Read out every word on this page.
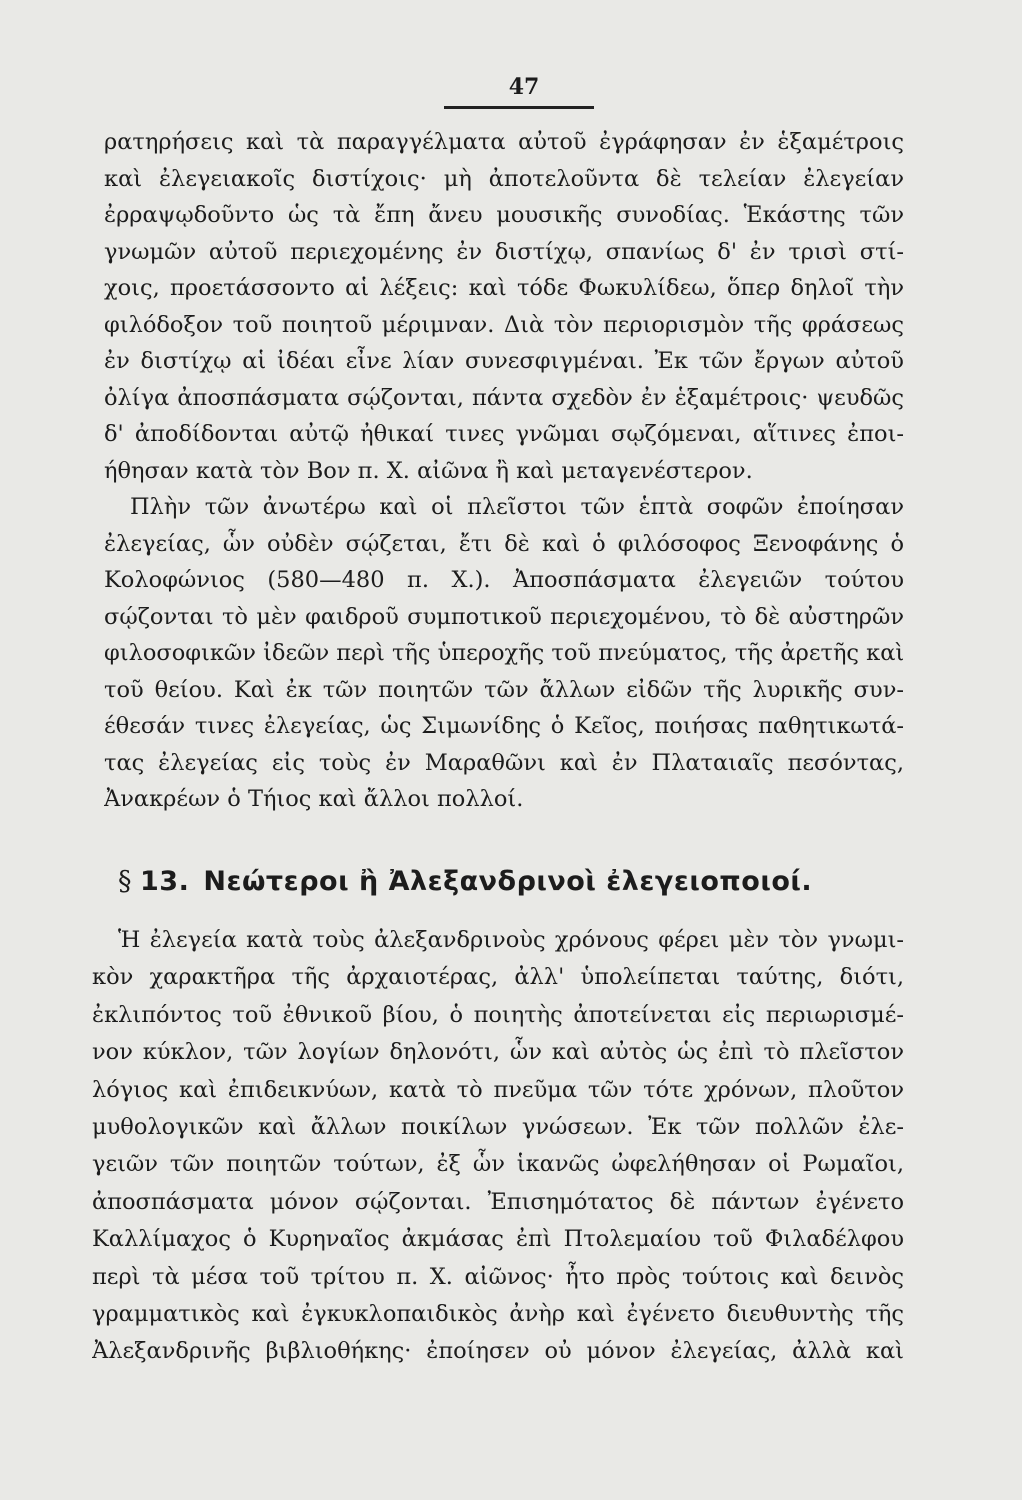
47
ρατηρήσεις καὶ τὰ παραγγέλματα αὐτοῦ ἐγράφησαν ἐν ἑξαμέτροις
καὶ ἐλεγειακοῖς διστίχοις· μὴ ἀποτελοῦντα δὲ τελείαν ἐλεγείαν
ἐρραψῳδοῦντο ὡς τὰ ἔπη ἄνευ μουσικῆς συνοδίας. Ἑκάστης τῶν
γνωμῶν αὐτοῦ περιεχομένης ἐν διστίχῳ, σπανίως δ' ἐν τρισὶ στί-
χοις, προετάσσοντο αἱ λέξεις: καὶ τόδε Φωκυλίδεω, ὅπερ δηλοῖ τὴν
φιλόδοξον τοῦ ποιητοῦ μέριμναν. Διὰ τὸν περιορισμὸν τῆς φράσεως
ἐν διστίχῳ αἱ ἰδέαι εἶνε λίαν συνεσφιγμέναι. Ἐκ τῶν ἔργων αὐτοῦ
ὀλίγα ἀποσπάσματα σῴζονται, πάντα σχεδὸν ἐν ἑξαμέτροις· ψευδῶς
δ' ἀποδίδονται αὐτῷ ἠθικαί τινες γνῶμαι σῳζόμεναι, αἵτινες ἐποι-
ήθησαν κατὰ τὸν Βον π. Χ. αἰῶνα ἢ καὶ μεταγενέστερον.
Πλὴν τῶν ἀνωτέρω καὶ οἱ πλεῖστοι τῶν ἑπτὰ σοφῶν ἐποίησαν
ἐλεγείας, ὧν οὐδὲν σῴζεται, ἔτι δὲ καὶ ὁ φιλόσοφος Ξενοφάνης ὁ
Κολοφώνιος (580—480 π. Χ.). Ἀποσπάσματα ἐλεγειῶν τούτου
σῴζονται τὸ μὲν φαιδροῦ συμποτικοῦ περιεχομένου, τὸ δὲ αὐστηρῶν
φιλοσοφικῶν ἰδεῶν περὶ τῆς ὑπεροχῆς τοῦ πνεύματος, τῆς ἀρετῆς καὶ
τοῦ θείου. Καὶ ἐκ τῶν ποιητῶν τῶν ἄλλων εἰδῶν τῆς λυρικῆς συν-
έθεσάν τινες ἐλεγείας, ὡς Σιμωνίδης ὁ Κεῖος, ποιήσας παθητικωτά-
τας ἐλεγείας εἰς τοὺς ἐν Μαραθῶνι καὶ ἐν Πλαταιαῖς πεσόντας,
Ἀνακρέων ὁ Τήιος καὶ ἄλλοι πολλοί.
§ 13. Νεώτεροι ἢ Ἀλεξανδρινοὶ ἐλεγειοποιοί.
Ἡ ἐλεγεία κατὰ τοὺς ἀλεξανδρινοὺς χρόνους φέρει μὲν τὸν γνωμι-
κὸν χαρακτῆρα τῆς ἀρχαιοτέρας, ἀλλ' ὑπολείπεται ταύτης, διότι,
ἐκλιπόντος τοῦ ἐθνικοῦ βίου, ὁ ποιητὴς ἀποτείνεται εἰς περιωρισμέ-
νον κύκλον, τῶν λογίων δηλονότι, ὧν καὶ αὐτὸς ὡς ἐπὶ τὸ πλεῖστον
λόγιος καὶ ἐπιδεικνύων, κατὰ τὸ πνεῦμα τῶν τότε χρόνων, πλοῦτον
μυθολογικῶν καὶ ἄλλων ποικίλων γνώσεων. Ἐκ τῶν πολλῶν ἐλε-
γειῶν τῶν ποιητῶν τούτων, ἐξ ὧν ἱκανῶς ὠφελήθησαν οἱ Ρωμαῖοι,
ἀποσπάσματα μόνον σῴζονται. Ἐπισημότατος δὲ πάντων ἐγένετο
Καλλίμαχος ὁ Κυρηναῖος ἀκμάσας ἐπὶ Πτολεμαίου τοῦ Φιλαδέλφου
περὶ τὰ μέσα τοῦ τρίτου π. Χ. αἰῶνος· ἦτο πρὸς τούτοις καὶ δεινὸς
γραμματικὸς καὶ ἐγκυκλοπαιδικὸς ἀνὴρ καὶ ἐγένετο διευθυντὴς τῆς
Ἀλεξανδρινῆς βιβλιοθήκης· ἐποίησεν οὐ μόνον ἐλεγείας, ἀλλὰ καὶ
